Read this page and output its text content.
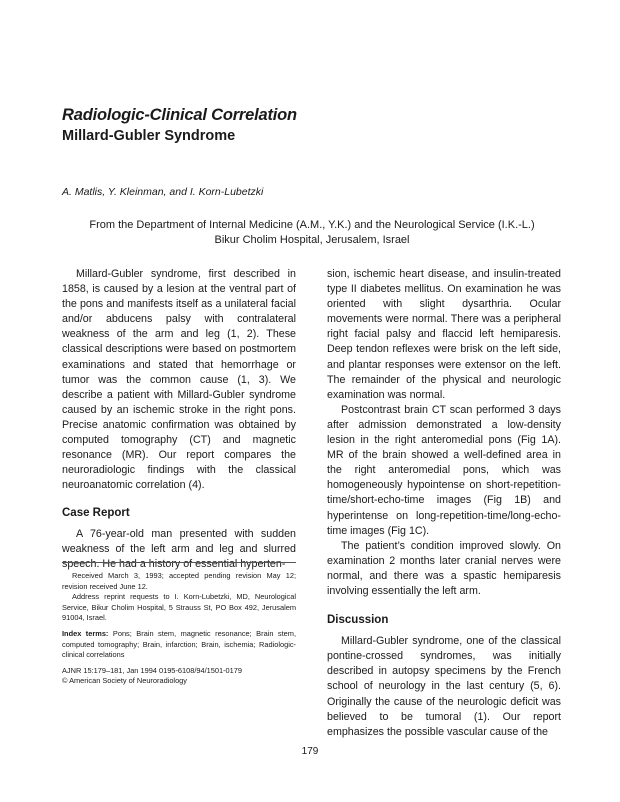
Radiologic-Clinical Correlation
Millard-Gubler Syndrome
A. Matlis, Y. Kleinman, and I. Korn-Lubetzki
From the Department of Internal Medicine (A.M., Y.K.) and the Neurological Service (I.K.-L.)
Bikur Cholim Hospital, Jerusalem, Israel

Millard-Gubler syndrome, first described in 1858, is caused by a lesion at the ventral part of the pons and manifests itself as a unilateral facial and/or abducens palsy with contralateral weakness of the arm and leg (1, 2). These classical descriptions were based on postmortem examinations and stated that hemorrhage or tumor was the common cause (1, 3). We describe a patient with Millard-Gubler syndrome caused by an ischemic stroke in the right pons. Precise anatomic confirmation was obtained by computed tomography (CT) and magnetic resonance (MR). Our report compares the neuroradiologic findings with the classical neuroanatomic correlation (4).

Case Report

A 76-year-old man presented with sudden weakness of the left arm and leg and slurred speech. He had a history of essential hyperten-

Received March 3, 1993; accepted pending revision May 12; revision received June 12.

Address reprint requests to I. Korn-Lubetzki, MD, Neurological Service, Bikur Cholim Hospital, 5 Strauss St, PO Box 492, Jerusalem 91004, Israel.

Index terms: Pons; Brain stem, magnetic resonance; Brain stem, computed tomography; Brain, infarction; Brain, ischemia; Radiologic-clinical correlations

AJNR 15:179–181, Jan 1994 0195-6108/94/1501-0179

© American Society of Neuroradiology

sion, ischemic heart disease, and insulin-treated type II diabetes mellitus. On examination he was oriented with slight dysarthria. Ocular movements were normal. There was a peripheral right facial palsy and flaccid left hemiparesis. Deep tendon reflexes were brisk on the left side, and plantar responses were extensor on the left. The remainder of the physical and neurologic examination was normal.

Postcontrast brain CT scan performed 3 days after admission demonstrated a low-density lesion in the right anteromedial pons (Fig 1A). MR of the brain showed a well-defined area in the right anteromedial pons, which was homogeneously hypointense on short-repetition-time/short-echo-time images (Fig 1B) and hyperintense on long-repetition-time/long-echo-time images (Fig 1C).

The patient’s condition improved slowly. On examination 2 months later cranial nerves were normal, and there was a spastic hemiparesis involving essentially the left arm.

Discussion

Millard-Gubler syndrome, one of the classical pontine-crossed syndromes, was initially described in autopsy specimens by the French school of neurology in the last century (5, 6). Originally the cause of the neurologic deficit was believed to be tumoral (1). Our report emphasizes the possible vascular cause of the

179
